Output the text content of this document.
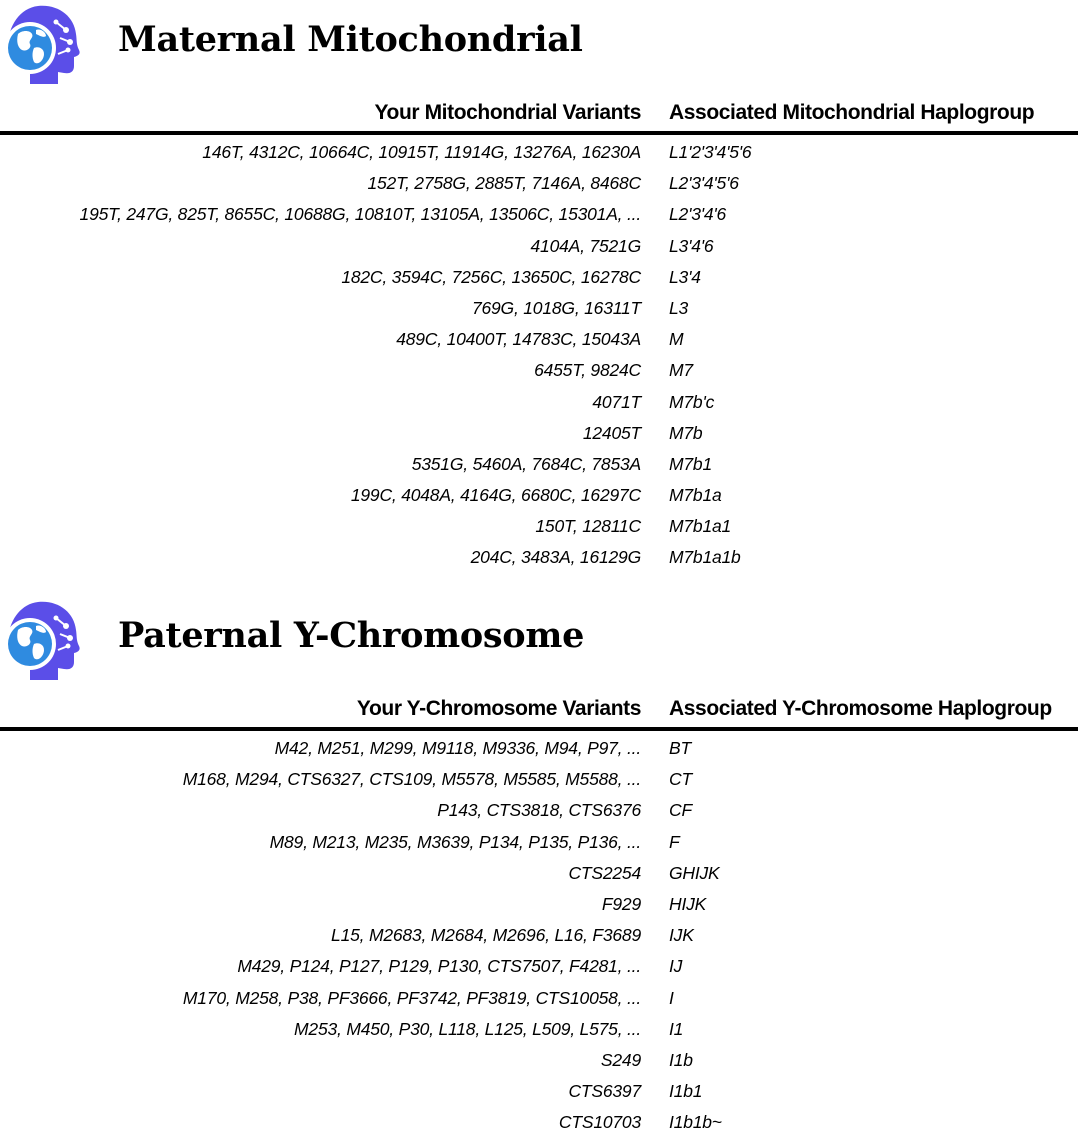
Maternal Mitochondrial
Your Mitochondrial Variants Associated Mitochondrial Haplogroup
146T, 4312C, 10664C, 10915T, 11914G, 13276A, 16230A L1'2'3'4'5'6
152T, 2758G, 2885T, 7146A, 8468C L2'3'4'5'6
195T, 247G, 825T, 8655C, 10688G, 10810T, 13105A, 13506C, 15301A, ... L2'3'4'6
4104A, 7521G L3'4'6
182C, 3594C, 7256C, 13650C, 16278C L3'4
769G, 1018G, 16311T L3
489C, 10400T, 14783C, 15043A M
6455T, 9824C M7
4071T M7b'c
12405T M7b
5351G, 5460A, 7684C, 7853A M7b1
199C, 4048A, 4164G, 6680C, 16297C M7b1a
150T, 12811C M7b1a1
204C, 3483A, 16129G M7b1a1b
Paternal Y-Chromosome
Your Y-Chromosome Variants Associated Y-Chromosome Haplogroup
M42, M251, M299, M9118, M9336, M94, P97, ... BT
M168, M294, CTS6327, CTS109, M5578, M5585, M5588, ... CT
P143, CTS3818, CTS6376 CF
M89, M213, M235, M3639, P134, P135, P136, ... F
CTS2254 GHIJK
F929 HIJK
L15, M2683, M2684, M2696, L16, F3689 IJK
M429, P124, P127, P129, P130, CTS7507, F4281, ... IJ
M170, M258, P38, PF3666, PF3742, PF3819, CTS10058, ... I
M253, M450, P30, L118, L125, L509, L575, ... I1
S249 I1b
CTS6397 I1b1
CTS10703 I1b1b~
